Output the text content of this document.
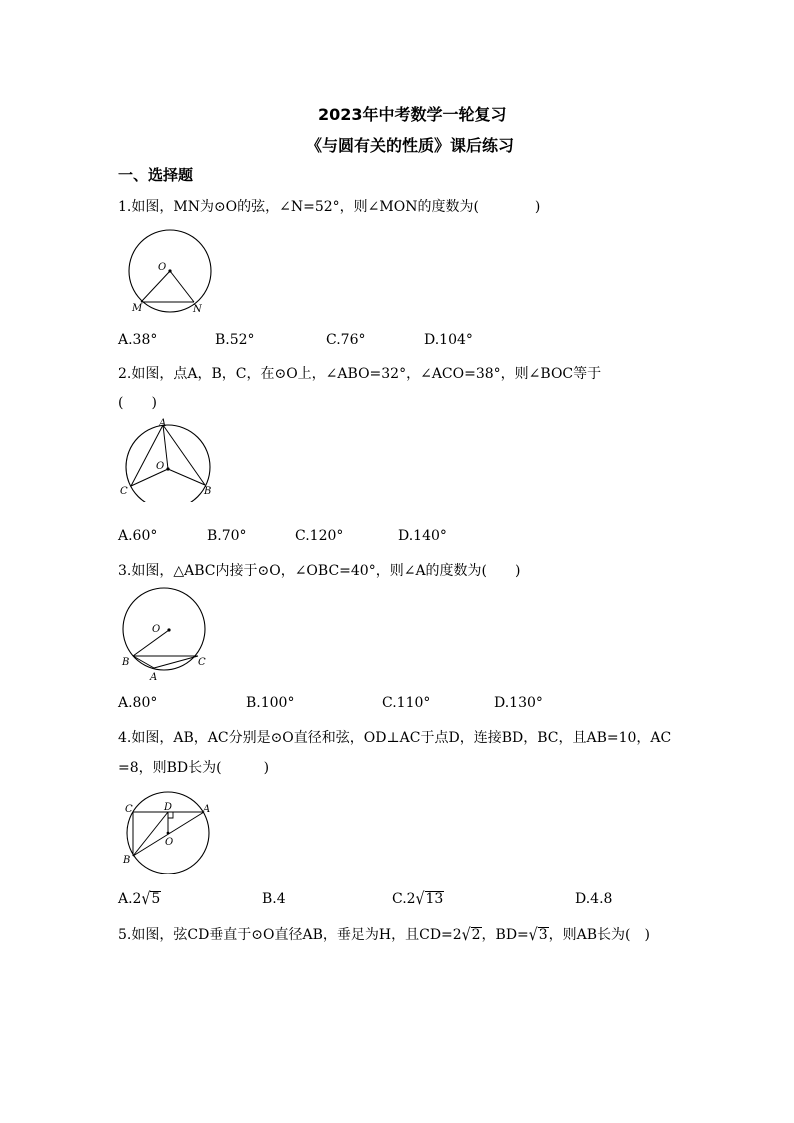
2023年中考数学一轮复习
《与圆有关的性质》课后练习
一、选择题
1.如图，MN为⊙O的弦，∠N=52°，则∠MON的度数为(　　　　)
O
M	N
A.38°	B.52°	C.76°	D.104°
2.如图，点A，B，C，在⊙O上，∠ABO=32°，∠ACO=38°，则∠BOC等于
(　　)
A
O
C	B
A.60°	B.70°	C.120°	D.140°
3.如图，△ABC内接于⊙O，∠OBC=40°，则∠A的度数为(　　)
O
B	C
A
A.80°	B.100°	C.110°	D.130°
4.如图，AB，AC分别是⊙O直径和弦，OD⊥AC于点D，连接BD，BC，且AB=10，AC
=8，则BD长为(　　　)
C	D	A
O
B
A.2√5	B.4	C.2√13	D.4.8
5.如图，弦CD垂直于⊙O直径AB，垂足为H，且CD=2√2，BD=√3，则AB长为(　)
